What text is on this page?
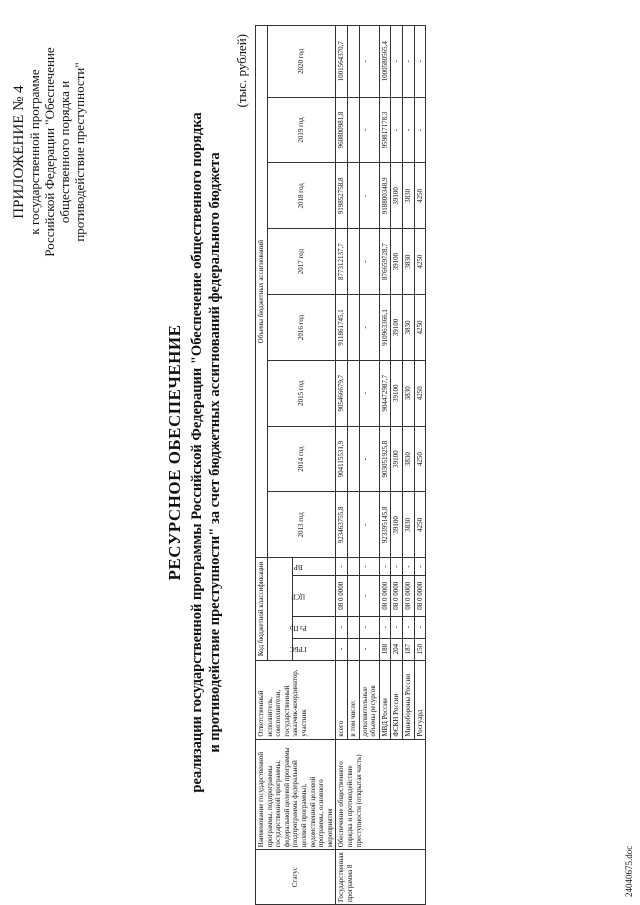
ПРИЛОЖЕНИЕ № 4 к государственной программе Российской Федерации "Обеспечение общественного порядка и противодействие преступности"
РЕСУРСНОЕ ОБЕСПЕЧЕНИЕ реализации государственной программы Российской Федерации "Обеспечение общественного порядка и противодействие преступности" за счет бюджетных ассигнований федерального бюджета
(тыс. рублей)
Статус	Наименование государственной программы, подпрограммы государственной программы, федеральной целевой программы (подпрограммы федеральной целевой программы), ведомственной целевой программы, основного мероприятия	Ответственный исполнитель, соисполнители, государственный заказчик-координатор, участник	Код бюджетной классификации				Объемы бюджетных ассигнований							
							2013 год	2014 год	2015 год	2016 год	2017 год	2018 год	2019 год	2020 год
			ГРБС	Рз Пр	ЦСР	ВР								
Государственная программа 8	Обеспечение общественного порядка и противодействие преступности (открытая часть)	всего	-	-	08 0 0000	-	923463755,8	904115531,9	905466679,7	911861745,1	877312137,7	919852758,8	960800981,8	1001564370,7
		в том числе:												
		дополнительные объемы ресурсов	-	-	-	-	-	-	-	-	-	-	-	-
		МВД России	188	-	08 0 0000	-	923395145,8	903051925,8	904472987,7	910963366,1	876659728,7	918800348,9	959817178,3	1000580565,4
		ФСКН России	204	-	08 0 0000	-	39100	39100	39100	39100	39100	39100	-	-
		Минобороны России	187	-	08 0 0000	-	3830	3830	3830	3830	3830	3830	-	-
		Росгуард	150	-	08 0 0000	-	4250	4250	4250	4250	4250	4250	-	-
24040675.doc
